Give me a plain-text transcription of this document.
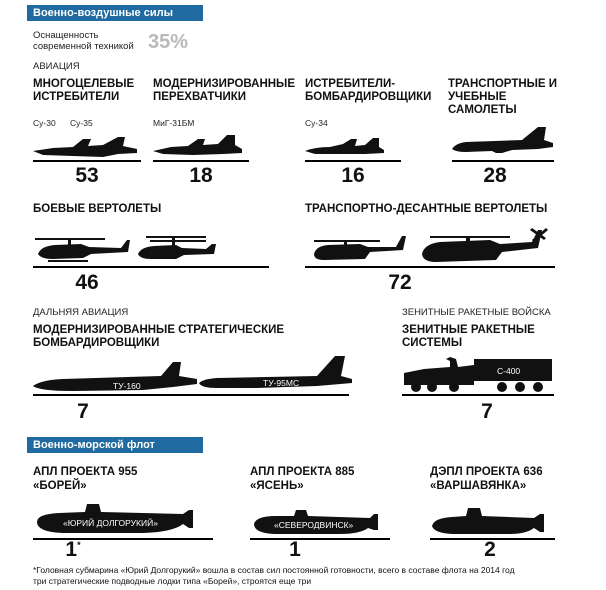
Военно-воздушные силы
Оснащенность современной техникой 35%
АВИАЦИЯ
МНОГОЦЕЛЕВЫЕ ИСТРЕБИТЕЛИ
МОДЕРНИЗИРОВАННЫЕ ПЕРЕХВАТЧИКИ
ИСТРЕБИТЕЛИ-БОМБАРДИРОВЩИКИ
ТРАНСПОРТНЫЕ И УЧЕБНЫЕ САМОЛЕТЫ
Су-30 Су-35	МиГ-31БМ	Су-34
53	18	16	28
БОЕВЫЕ ВЕРТОЛЕТЫ	ТРАНСПОРТНО-ДЕСАНТНЫЕ ВЕРТОЛЕТЫ
46	72
ДАЛЬНЯЯ АВИАЦИЯ	ЗЕНИТНЫЕ РАКЕТНЫЕ ВОЙСКА
МОДЕРНИЗИРОВАННЫЕ СТРАТЕГИЧЕСКИЕ БОМБАРДИРОВЩИКИ
ЗЕНИТНЫЕ РАКЕТНЫЕ СИСТЕМЫ
ТУ-160	ТУ-95МС
С-400
7	7
Военно-морской флот
АПЛ ПРОЕКТА 955
«БОРЕЙ»
АПЛ ПРОЕКТА 885
«ЯСЕНЬ»
ДЭПЛ ПРОЕКТА 636
«ВАРШАВЯНКА»
«ЮРИЙ ДОЛГОРУКИЙ»	«СЕВЕРОДВИНСК»
1*	1	2
*Головная субмарина «Юрий Долгорукий» вошла в состав сил постоянной готовности, всего в составе флота на 2014 год
три стратегические подводные лодки типа «Борей», строятся еще три
